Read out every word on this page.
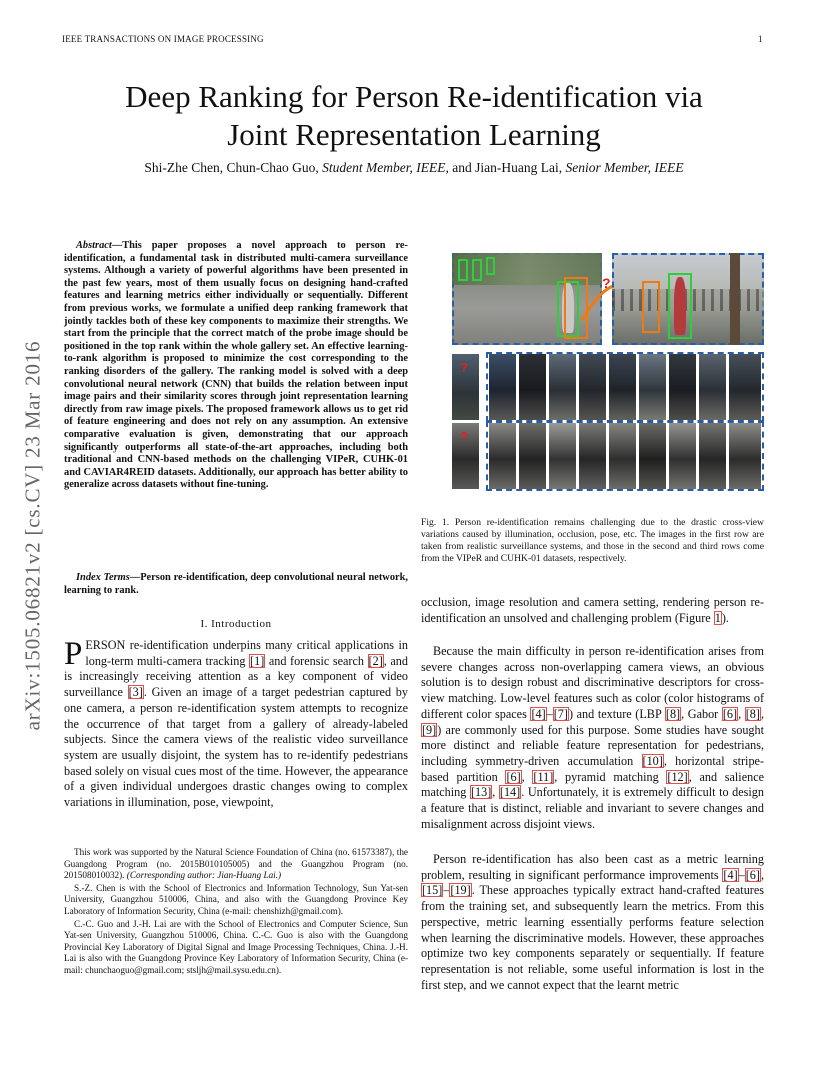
IEEE TRANSACTIONS ON IMAGE PROCESSING	1
Deep Ranking for Person Re-identification via
Joint Representation Learning
Shi-Zhe Chen, Chun-Chao Guo, Student Member, IEEE, and Jian-Huang Lai, Senior Member, IEEE
arXiv:1505.06821v2 [cs.CV] 23 Mar 2016

Abstract—This paper proposes a novel approach to person re-identification, a fundamental task in distributed multi-camera surveillance systems. Although a variety of powerful algorithms have been presented in the past few years, most of them usually focus on designing hand-crafted features and learning metrics either individually or sequentially. Different from previous works, we formulate a unified deep ranking framework that jointly tackles both of these key components to maximize their strengths. We start from the principle that the correct match of the probe image should be positioned in the top rank within the whole gallery set. An effective learning-to-rank algorithm is proposed to minimize the cost corresponding to the ranking disorders of the gallery. The ranking model is solved with a deep convolutional neural network (CNN) that builds the relation between input image pairs and their similarity scores through joint representation learning directly from raw image pixels. The proposed framework allows us to get rid of feature engineering and does not rely on any assumption. An extensive comparative evaluation is given, demonstrating that our approach significantly outperforms all state-of-the-art approaches, including both traditional and CNN-based methods on the challenging VIPeR, CUHK-01 and CAVIAR4REID datasets. Additionally, our approach has better ability to generalize across datasets without fine-tuning.

Index Terms—Person re-identification, deep convolutional neural network, learning to rank.

I. Introduction

PERSON re-identification underpins many critical applications in long-term multi-camera tracking [1] and forensic search [2], and is increasingly receiving attention as a key component of video surveillance [3]. Given an image of a target pedestrian captured by one camera, a person re-identification system attempts to recognize the occurrence of that target from a gallery of already-labeled subjects. Since the camera views of the realistic video surveillance system are usually disjoint, the system has to re-identify pedestrians based solely on visual cues most of the time. However, the appearance of a given individual undergoes drastic changes owing to complex variations in illumination, pose, viewpoint,

This work was supported by the Natural Science Foundation of China (no. 61573387), the Guangdong Program (no. 2015B010105005) and the Guangzhou Program (no. 201508010032). (Corresponding author: Jian-Huang Lai.)

S.-Z. Chen is with the School of Electronics and Information Technology, Sun Yat-sen University, Guangzhou 510006, China, and also with the Guangdong Province Key Laboratory of Information Security, China (e-mail: chenshizh@gmail.com).

C.-C. Guo and J.-H. Lai are with the School of Electronics and Computer Science, Sun Yat-sen University, Guangzhou 510006, China. C.-C. Guo is also with the Guangdong Provincial Key Laboratory of Digital Signal and Image Processing Techniques, China. J.-H. Lai is also with the Guangdong Province Key Laboratory of Information Security, China (e-mail: chunchaoguo@gmail.com; stsljh@mail.sysu.edu.cn).

?
?
?

Fig. 1. Person re-identification remains challenging due to the drastic cross-view variations caused by illumination, occlusion, pose, etc. The images in the first row are taken from realistic surveillance systems, and those in the second and third rows come from the VIPeR and CUHK-01 datasets, respectively.

occlusion, image resolution and camera setting, rendering person re-identification an unsolved and challenging problem (Figure 1).

Because the main difficulty in person re-identification arises from severe changes across non-overlapping camera views, an obvious solution is to design robust and discriminative descriptors for cross-view matching. Low-level features such as color (color histograms of different color spaces [4]–[7]) and texture (LBP [8], Gabor [6], [8], [9]) are commonly used for this purpose. Some studies have sought more distinct and reliable feature representation for pedestrians, including symmetry-driven accumulation [10], horizontal stripe-based partition [6], [11], pyramid matching [12], and salience matching [13], [14]. Unfortunately, it is extremely difficult to design a feature that is distinct, reliable and invariant to severe changes and misalignment across disjoint views.

Person re-identification has also been cast as a metric learning problem, resulting in significant performance improvements [4]–[6], [15]–[19]. These approaches typically extract hand-crafted features from the training set, and subsequently learn the metrics. From this perspective, metric learning essentially performs feature selection when learning the discriminative models. However, these approaches optimize two key components separately or sequentially. If feature representation is not reliable, some useful information is lost in the first step, and we cannot expect that the learnt metric
